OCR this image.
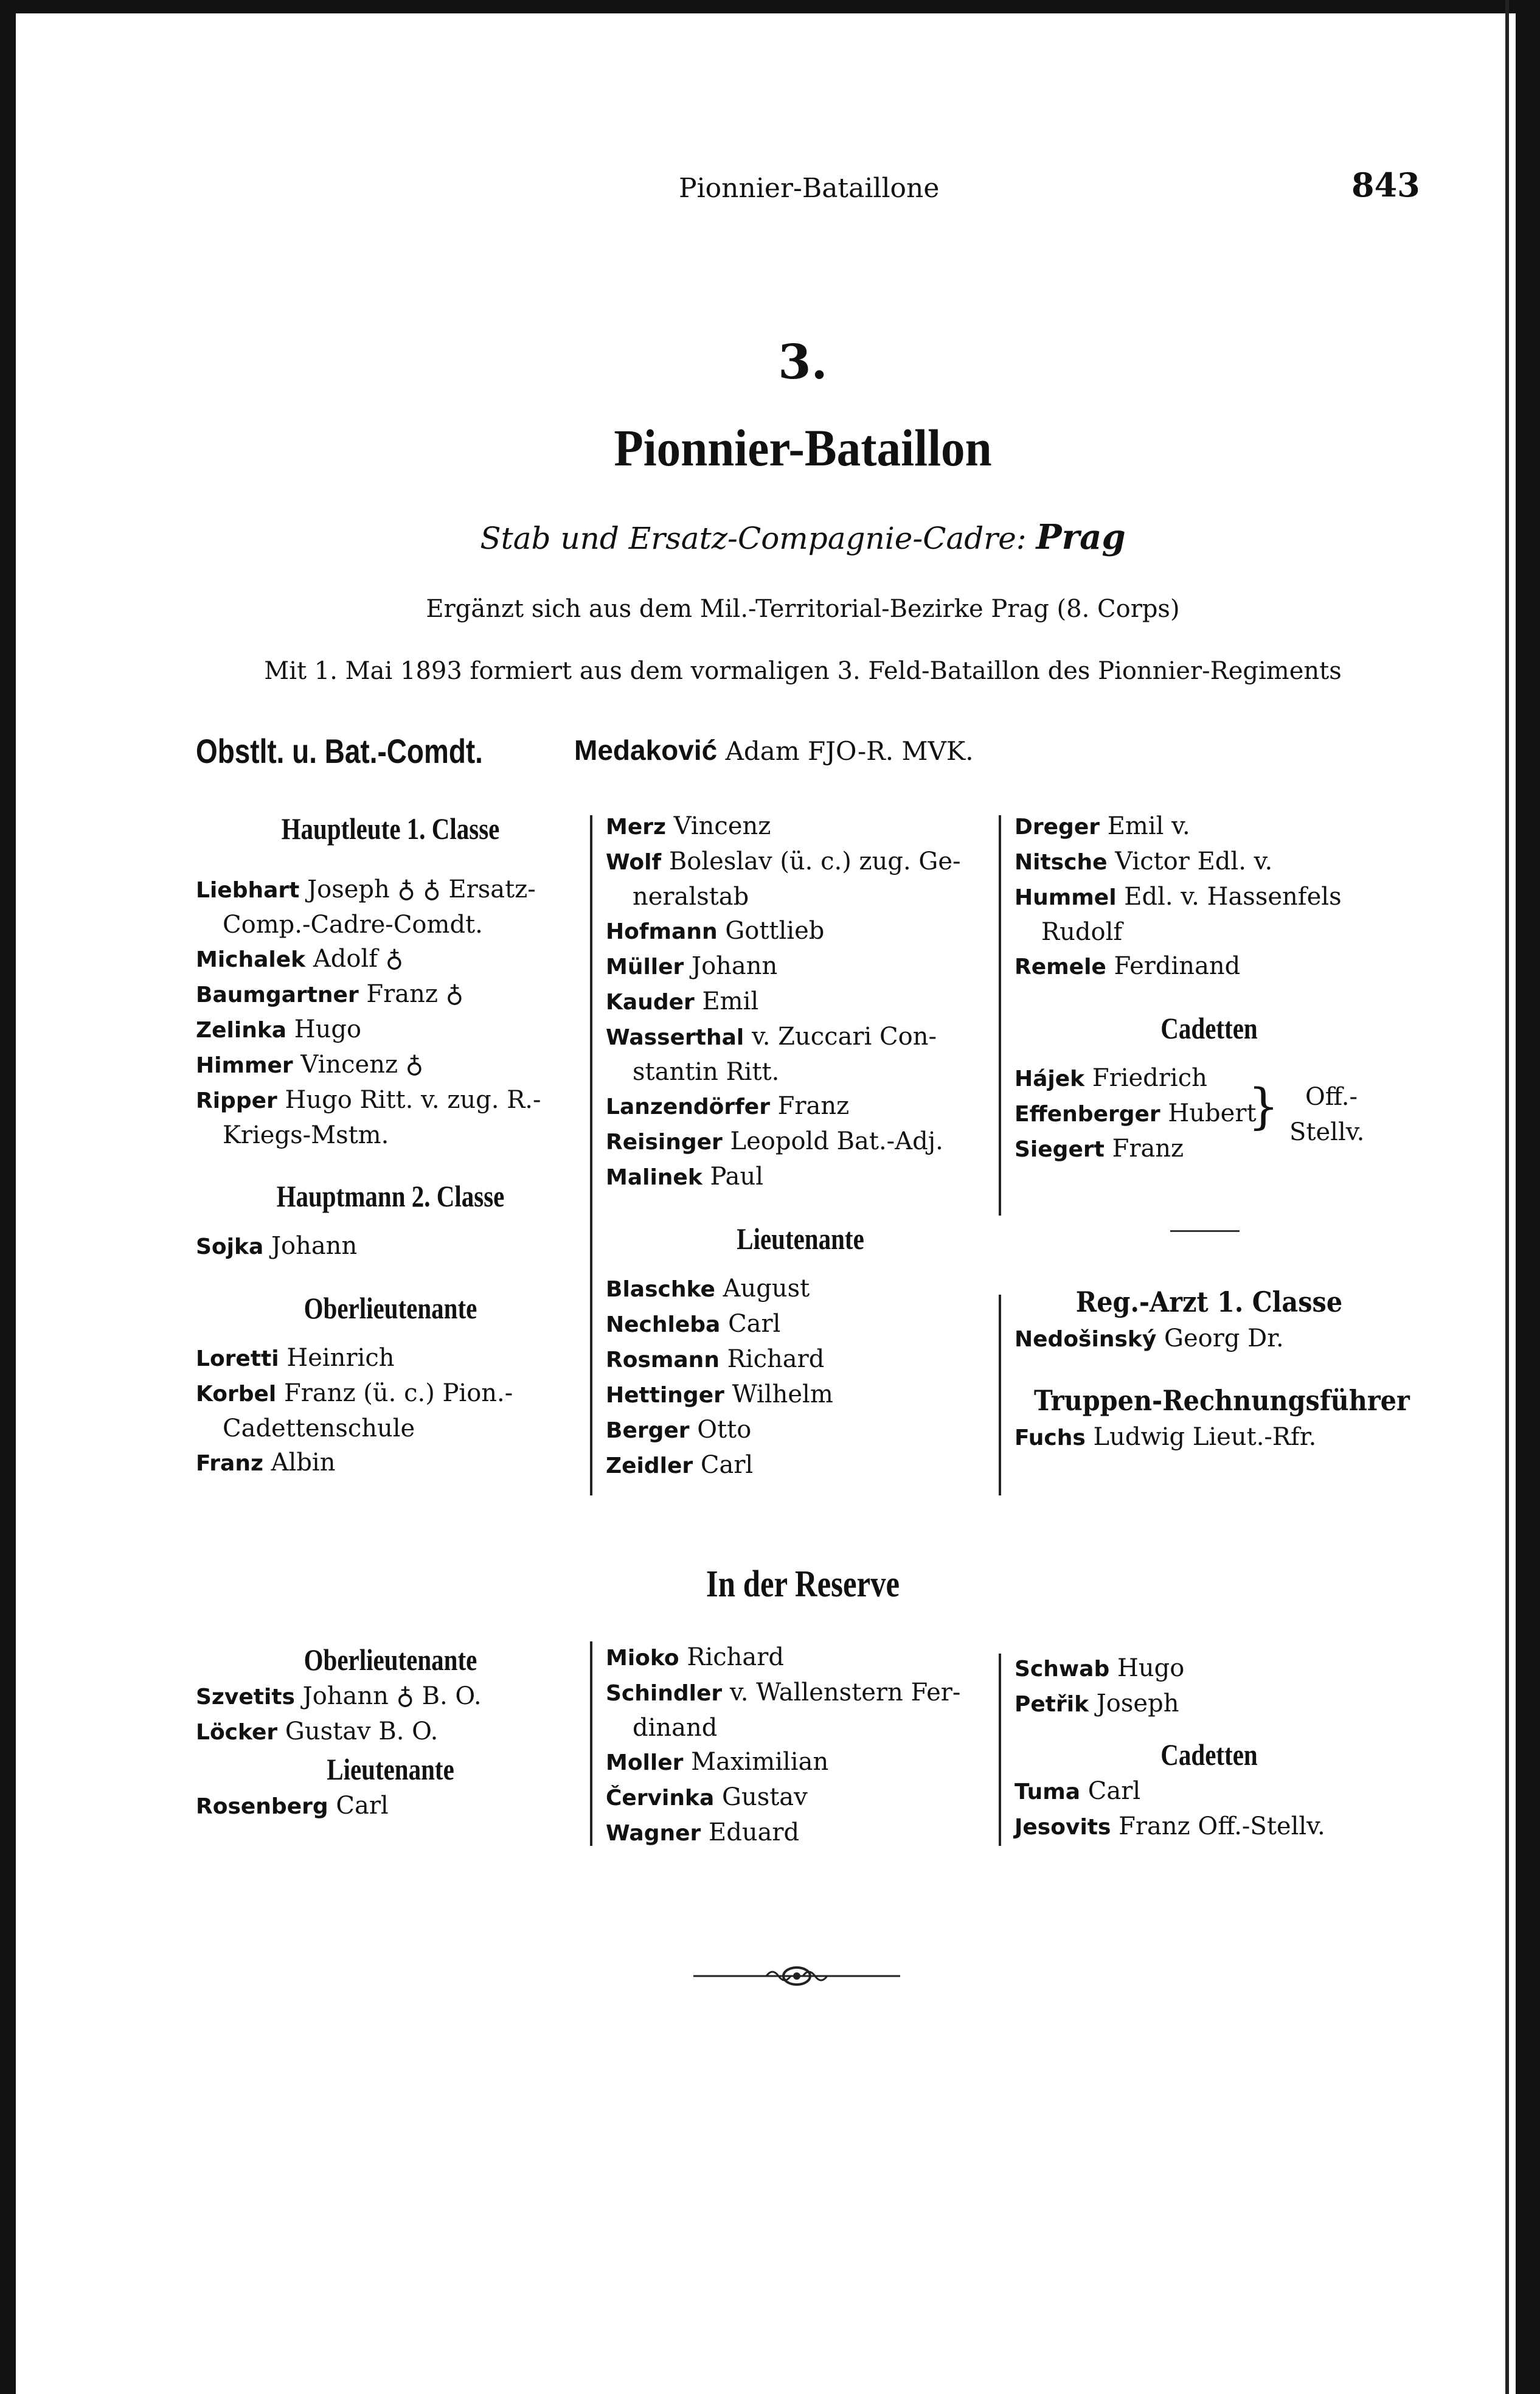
Pionnier-Bataillone	843
3.
Pionnier-Bataillon
Stab und Ersatz-Compagnie-Cadre: Prag
Ergänzt sich aus dem Mil.-Territorial-Bezirke Prag (8. Corps)
Mit 1. Mai 1893 formiert aus dem vormaligen 3. Feld-Bataillon des Pionnier-Regiments
Obstlt. u. Bat.-Comdt.	Medaković Adam FJO-R. MVK.
Hauptleute 1. Classe
Liebhart Joseph ♁ ♁ Ersatz-
Comp.-Cadre-Comdt.
Michalek Adolf ♁
Baumgartner Franz ♁
Zelinka Hugo
Himmer Vincenz ♁
Ripper Hugo Ritt. v. zug. R.-
Kriegs-Mstm.
Hauptmann 2. Classe
Sojka Johann
Oberlieutenante
Loretti Heinrich
Korbel Franz (ü. c.) Pion.-
Cadettenschule
Franz Albin
Merz Vincenz
Wolf Boleslav (ü. c.) zug. Ge-
neralstab
Hofmann Gottlieb
Müller Johann
Kauder Emil
Wasserthal v. Zuccari Con-
stantin Ritt.
Lanzendörfer Franz
Reisinger Leopold Bat.-Adj.
Malinek Paul
Lieutenante
Blaschke August
Nechleba Carl
Rosmann Richard
Hettinger Wilhelm
Berger Otto
Zeidler Carl
Dreger Emil v.
Nitsche Victor Edl. v.
Hummel Edl. v. Hassenfels
Rudolf
Remele Ferdinand
Cadetten
Hájek Friedrich
Effenberger Hubert
Siegert Franz
} Off.-
Stellv.
Reg.-Arzt 1. Classe
Nedošinský Georg Dr.
Truppen-Rechnungsführer
Fuchs Ludwig Lieut.-Rfr.
In der Reserve
Oberlieutenante
Szvetits Johann ♁ B. O.
Löcker Gustav B. O.
Lieutenante
Rosenberg Carl
Mioko Richard
Schindler v. Wallenstern Fer-
dinand
Moller Maximilian
Červinka Gustav
Wagner Eduard
Schwab Hugo
Petřik Joseph
Cadetten
Tuma Carl
Jesovits Franz Off.-Stellv.
